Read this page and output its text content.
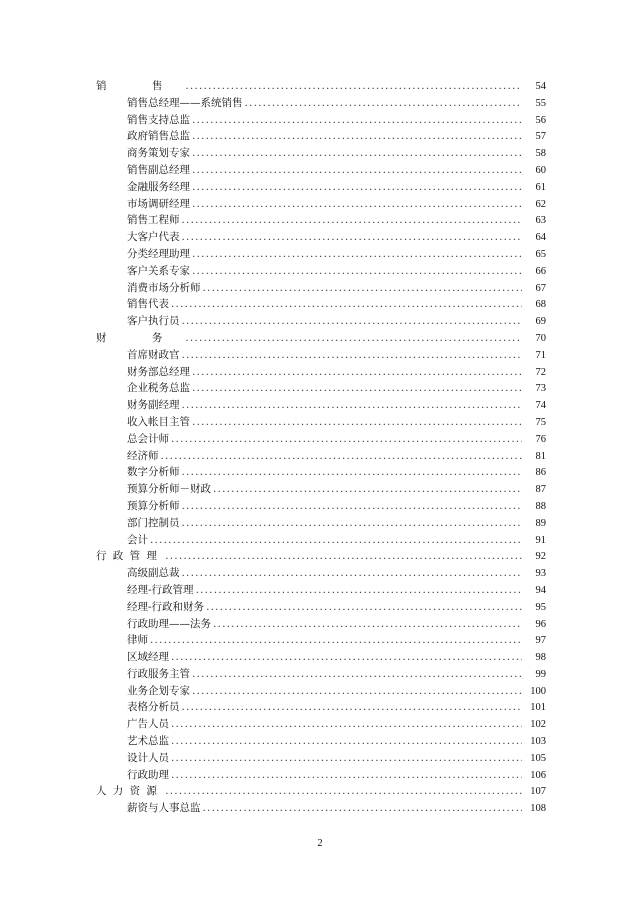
销 售 .....	54
销售总经理——系统销售 .....	55
销售支持总监 .....	56
政府销售总监 .....	57
商务策划专家 .....	58
销售副总经理 .....	60
金融服务经理 .....	61
市场调研经理 .....	62
销售工程师 .....	63
大客户代表 .....	64
分类经理助理 .....	65
客户关系专家 .....	66
消费市场分析师 .....	67
销售代表 .....	68
客户执行员 .....	69
财 务 .....	70
首席财政官 .....	71
财务部总经理 .....	72
企业税务总监 .....	73
财务副经理 .....	74
收入帐目主管 .....	75
总会计师 .....	76
经济师 .....	81
数字分析师 .....	86
预算分析师－财政 .....	87
预算分析师 .....	88
部门控制员 .....	89
会计 .....	91
行政管理 .....	92
高级副总裁 .....	93
经理-行政管理 .....	94
经理-行政和财务 .....	95
行政助理——法务 .....	96
律师 .....	97
区域经理 .....	98
行政服务主管 .....	99
业务企划专家 .....	100
表格分析员 .....	101
广告人员 .....	102
艺术总监 .....	103
设计人员 .....	105
行政助理 .....	106
人力资源 .....	107
薪资与人事总监 .....	108
2
